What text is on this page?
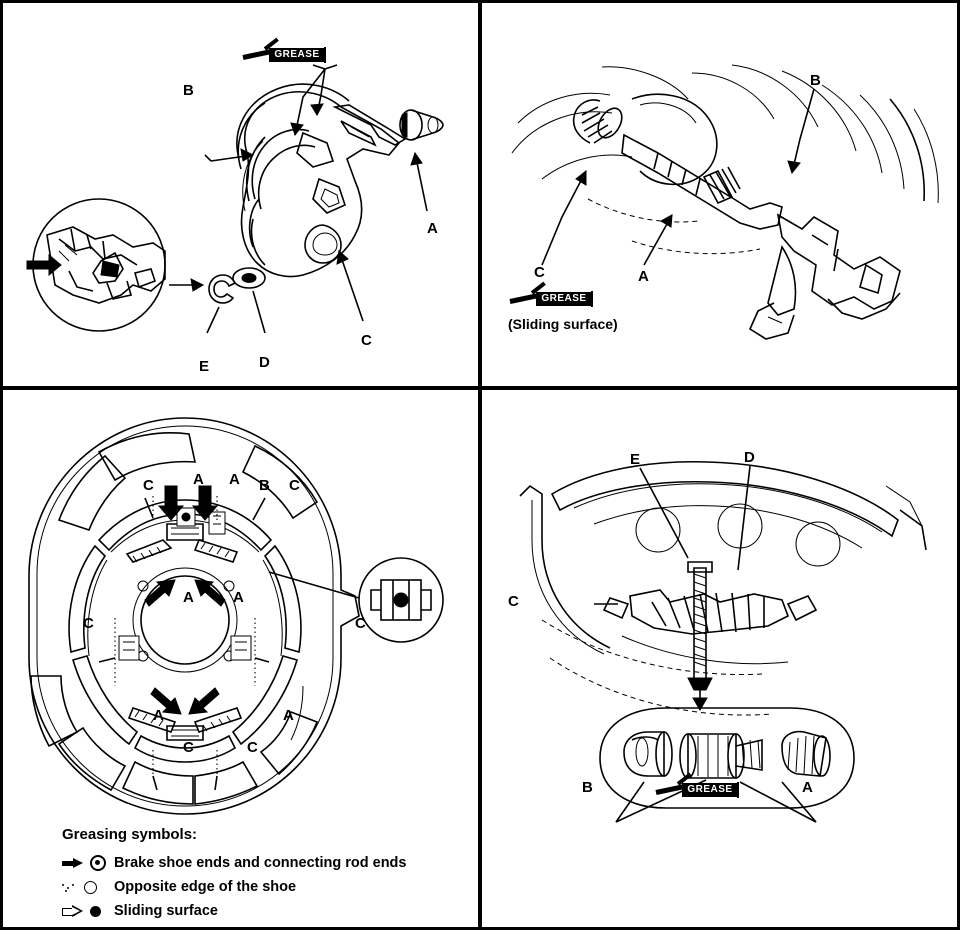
GREASE
B
A
C
D
E
B
C	A
GREASE
(Sliding surface)
C	A A B C
A	A
C	C
A	A
C	C
E	D
C
B	A
GREASE
Greasing symbols:
Brake shoe ends and connecting rod ends
Opposite edge of the shoe
Sliding surface
